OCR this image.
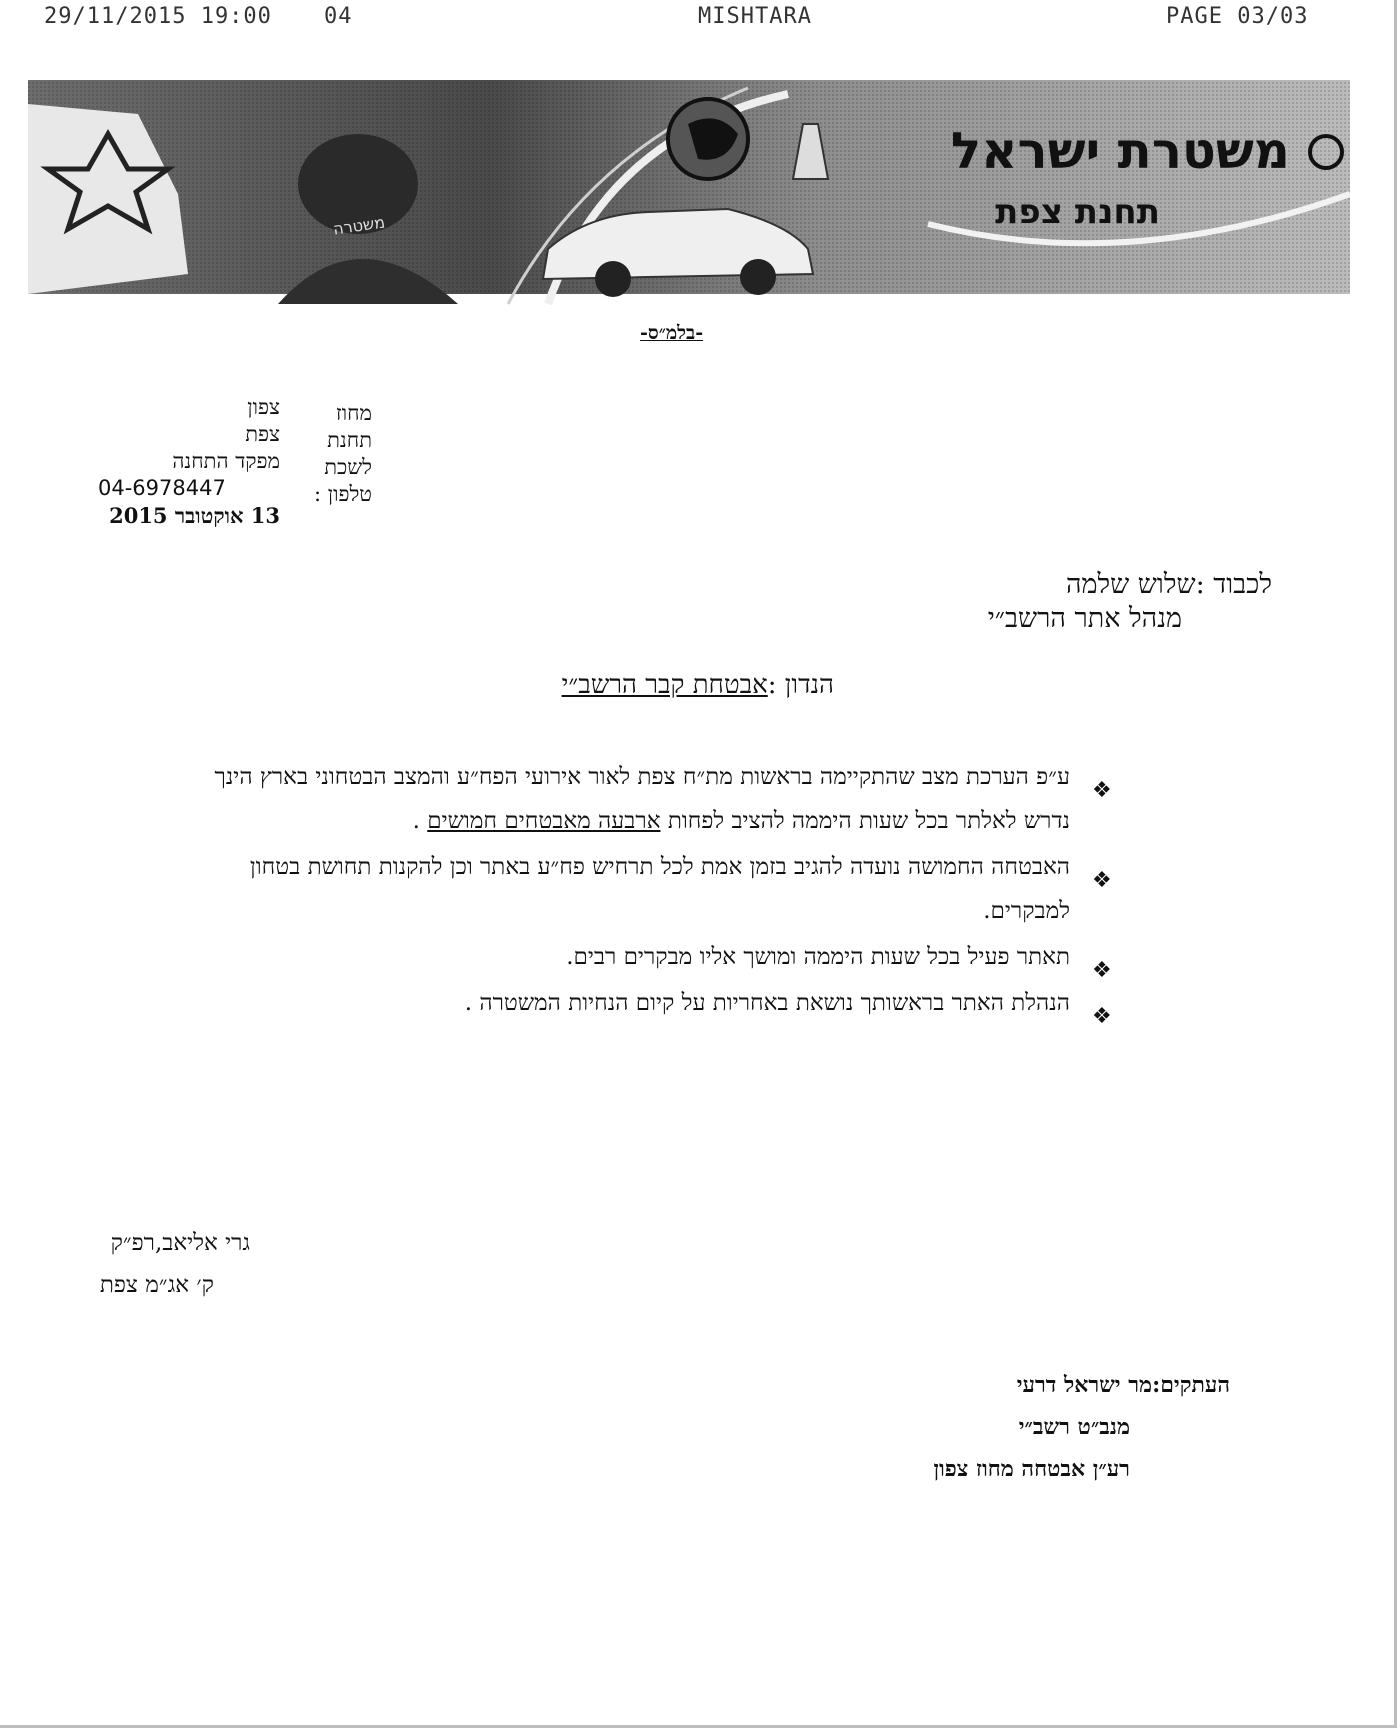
29/11/2015 19:00 04	MISHTARA	PAGE 03/03
משטרת ישראל
תחנת צפת
משטרה
-בלמ״ס-
מחוז
תחנת
לשכת
טלפון :
צפון
צפת
מפקד התחנה
04-6978447
13 אוקטובר 2015
לכבוד :שלוש שלמה
מנהל אתר הרשב״י
הנדון :אבטחת קבר הרשב״י
❖
ע״פ הערכת מצב שהתקיימה בראשות מת״ח צפת לאור אירועי הפח״ע והמצב הבטחוני בארץ הינך
נדרש לאלתר בכל שעות היממה להציב לפחות ארבעה מאבטחים חמושים .
❖
האבטחה החמושה נועדה להגיב בזמן אמת לכל תרחיש פח״ע באתר וכן להקנות תחושת בטחון
למבקרים.
❖
תאתר פעיל בכל שעות היממה ומושך אליו מבקרים רבים.
❖
הנהלת האתר בראשותך נושאת באחריות על קיום הנחיות המשטרה .
גרי אליאב,רפ״ק
ק׳ אג״מ צפת
העתקים:מר ישראל דרעי
מנב״ט רשב״י
רע״ן אבטחה מחוז צפון
